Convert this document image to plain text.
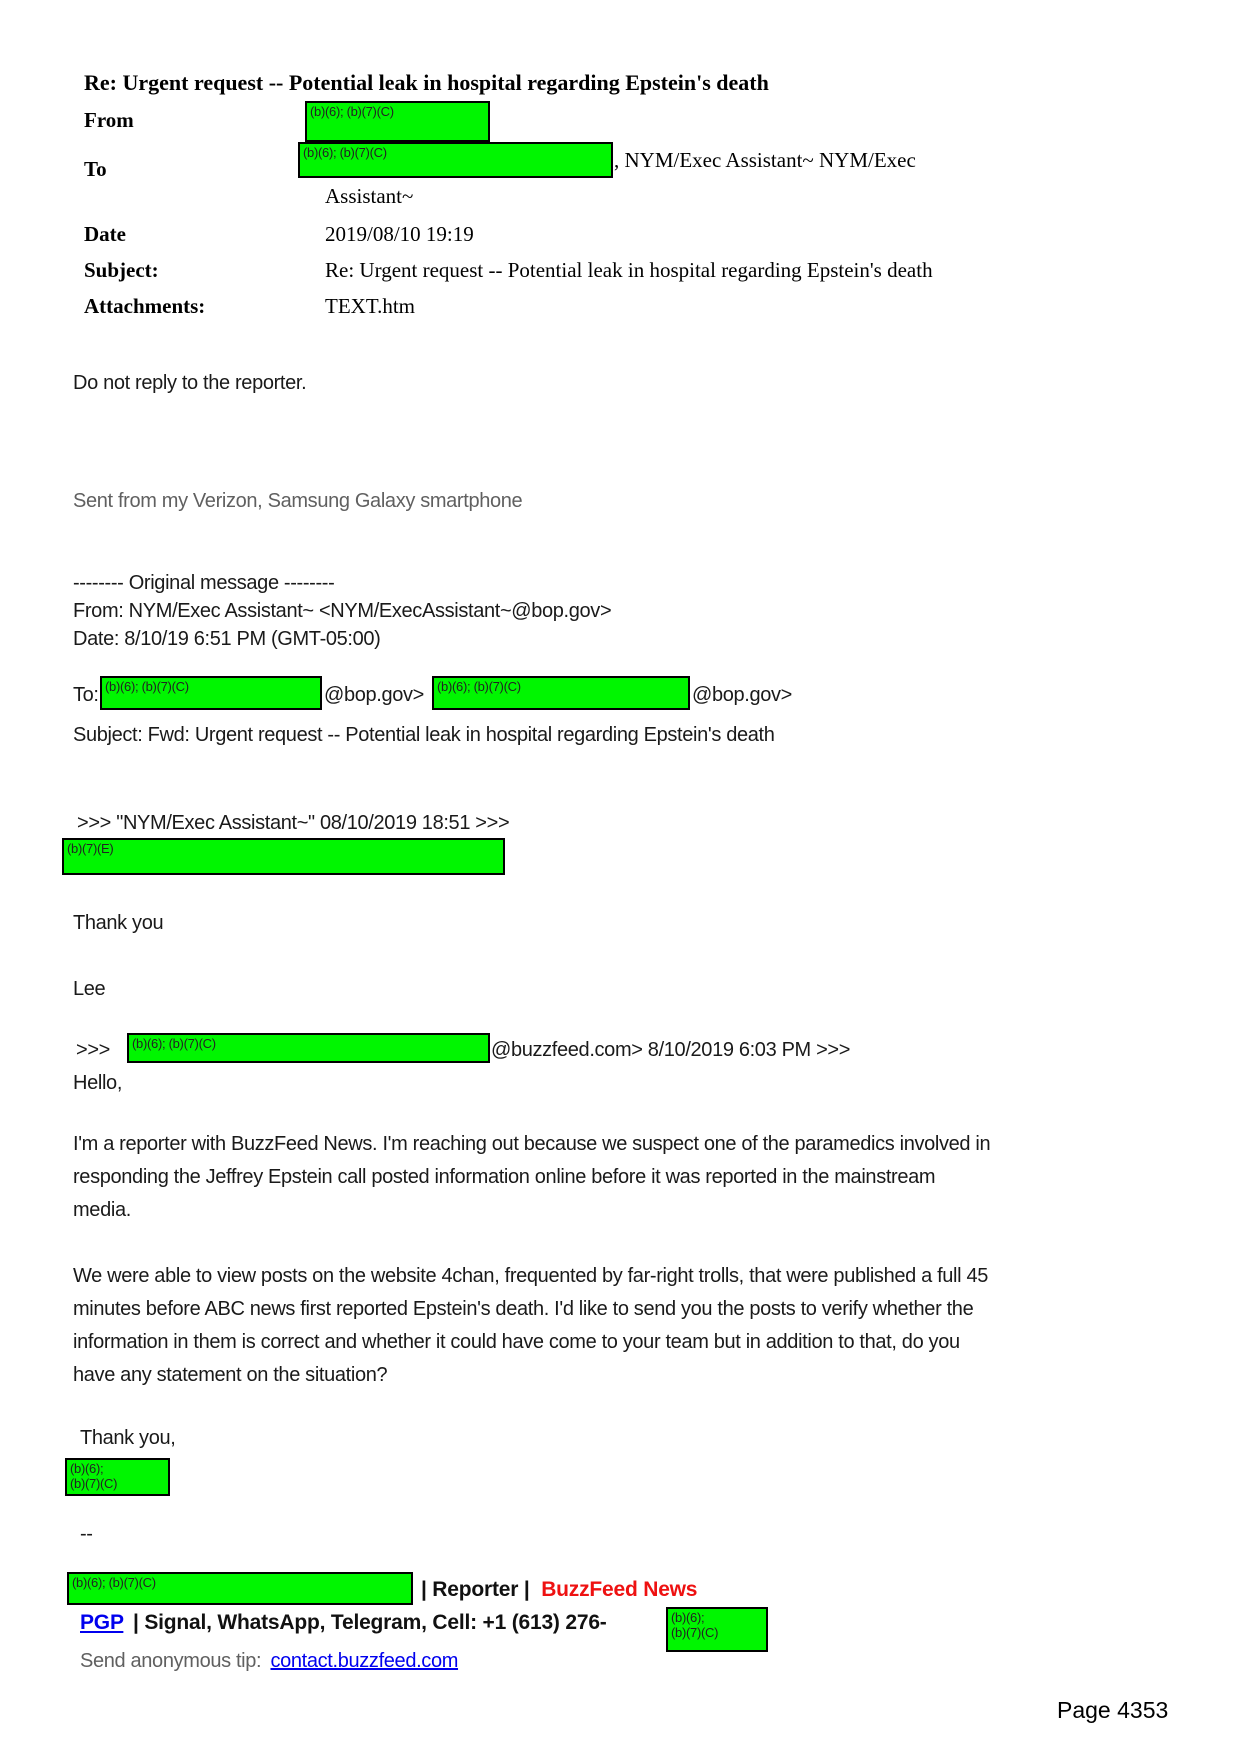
Re: Urgent request -- Potential leak in hospital regarding Epstein's death
From	(b)(6); (b)(7)(C)
To
(b)(6); (b)(7)(C)	, NYM/Exec Assistant~ NYM/Exec
Assistant~
Date	2019/08/10 19:19
Subject:	Re: Urgent request -- Potential leak in hospital regarding Epstein's death
Attachments:	TEXT.htm
Do not reply to the reporter.
Sent from my Verizon, Samsung Galaxy smartphone
-------- Original message --------
From: NYM/Exec Assistant~ <NYM/ExecAssistant~@bop.gov>
Date: 8/10/19 6:51 PM (GMT-05:00)
To: (b)(6); (b)(7)(C)	@bop.gov> (b)(6); (b)(7)(C)	@bop.gov>
Subject: Fwd: Urgent request -- Potential leak in hospital regarding Epstein's death
>>> "NYM/Exec Assistant~" 08/10/2019 18:51 >>>
(b)(7)(E)
Thank you
Lee
>>>	(b)(6); (b)(7)(C)	@buzzfeed.com> 8/10/2019 6:03 PM >>>
Hello,
I'm a reporter with BuzzFeed News. I'm reaching out because we suspect one of the paramedics involved in
responding the Jeffrey Epstein call posted information online before it was reported in the mainstream
media.
We were able to view posts on the website 4chan, frequented by far-right trolls, that were published a full 45
minutes before ABC news first reported Epstein's death. I'd like to send you the posts to verify whether the
information in them is correct and whether it could have come to your team but in addition to that, do you
have any statement on the situation?
Thank you,
(b)(6);
(b)(7)(C)
--
(b)(6); (b)(7)(C)	| Reporter | BuzzFeed News
PGP | Signal, WhatsApp, Telegram, Cell: +1 (613) 276-	(b)(6);
(b)(7)(C)
Send anonymous tip: contact.buzzfeed.com
Page 4353
